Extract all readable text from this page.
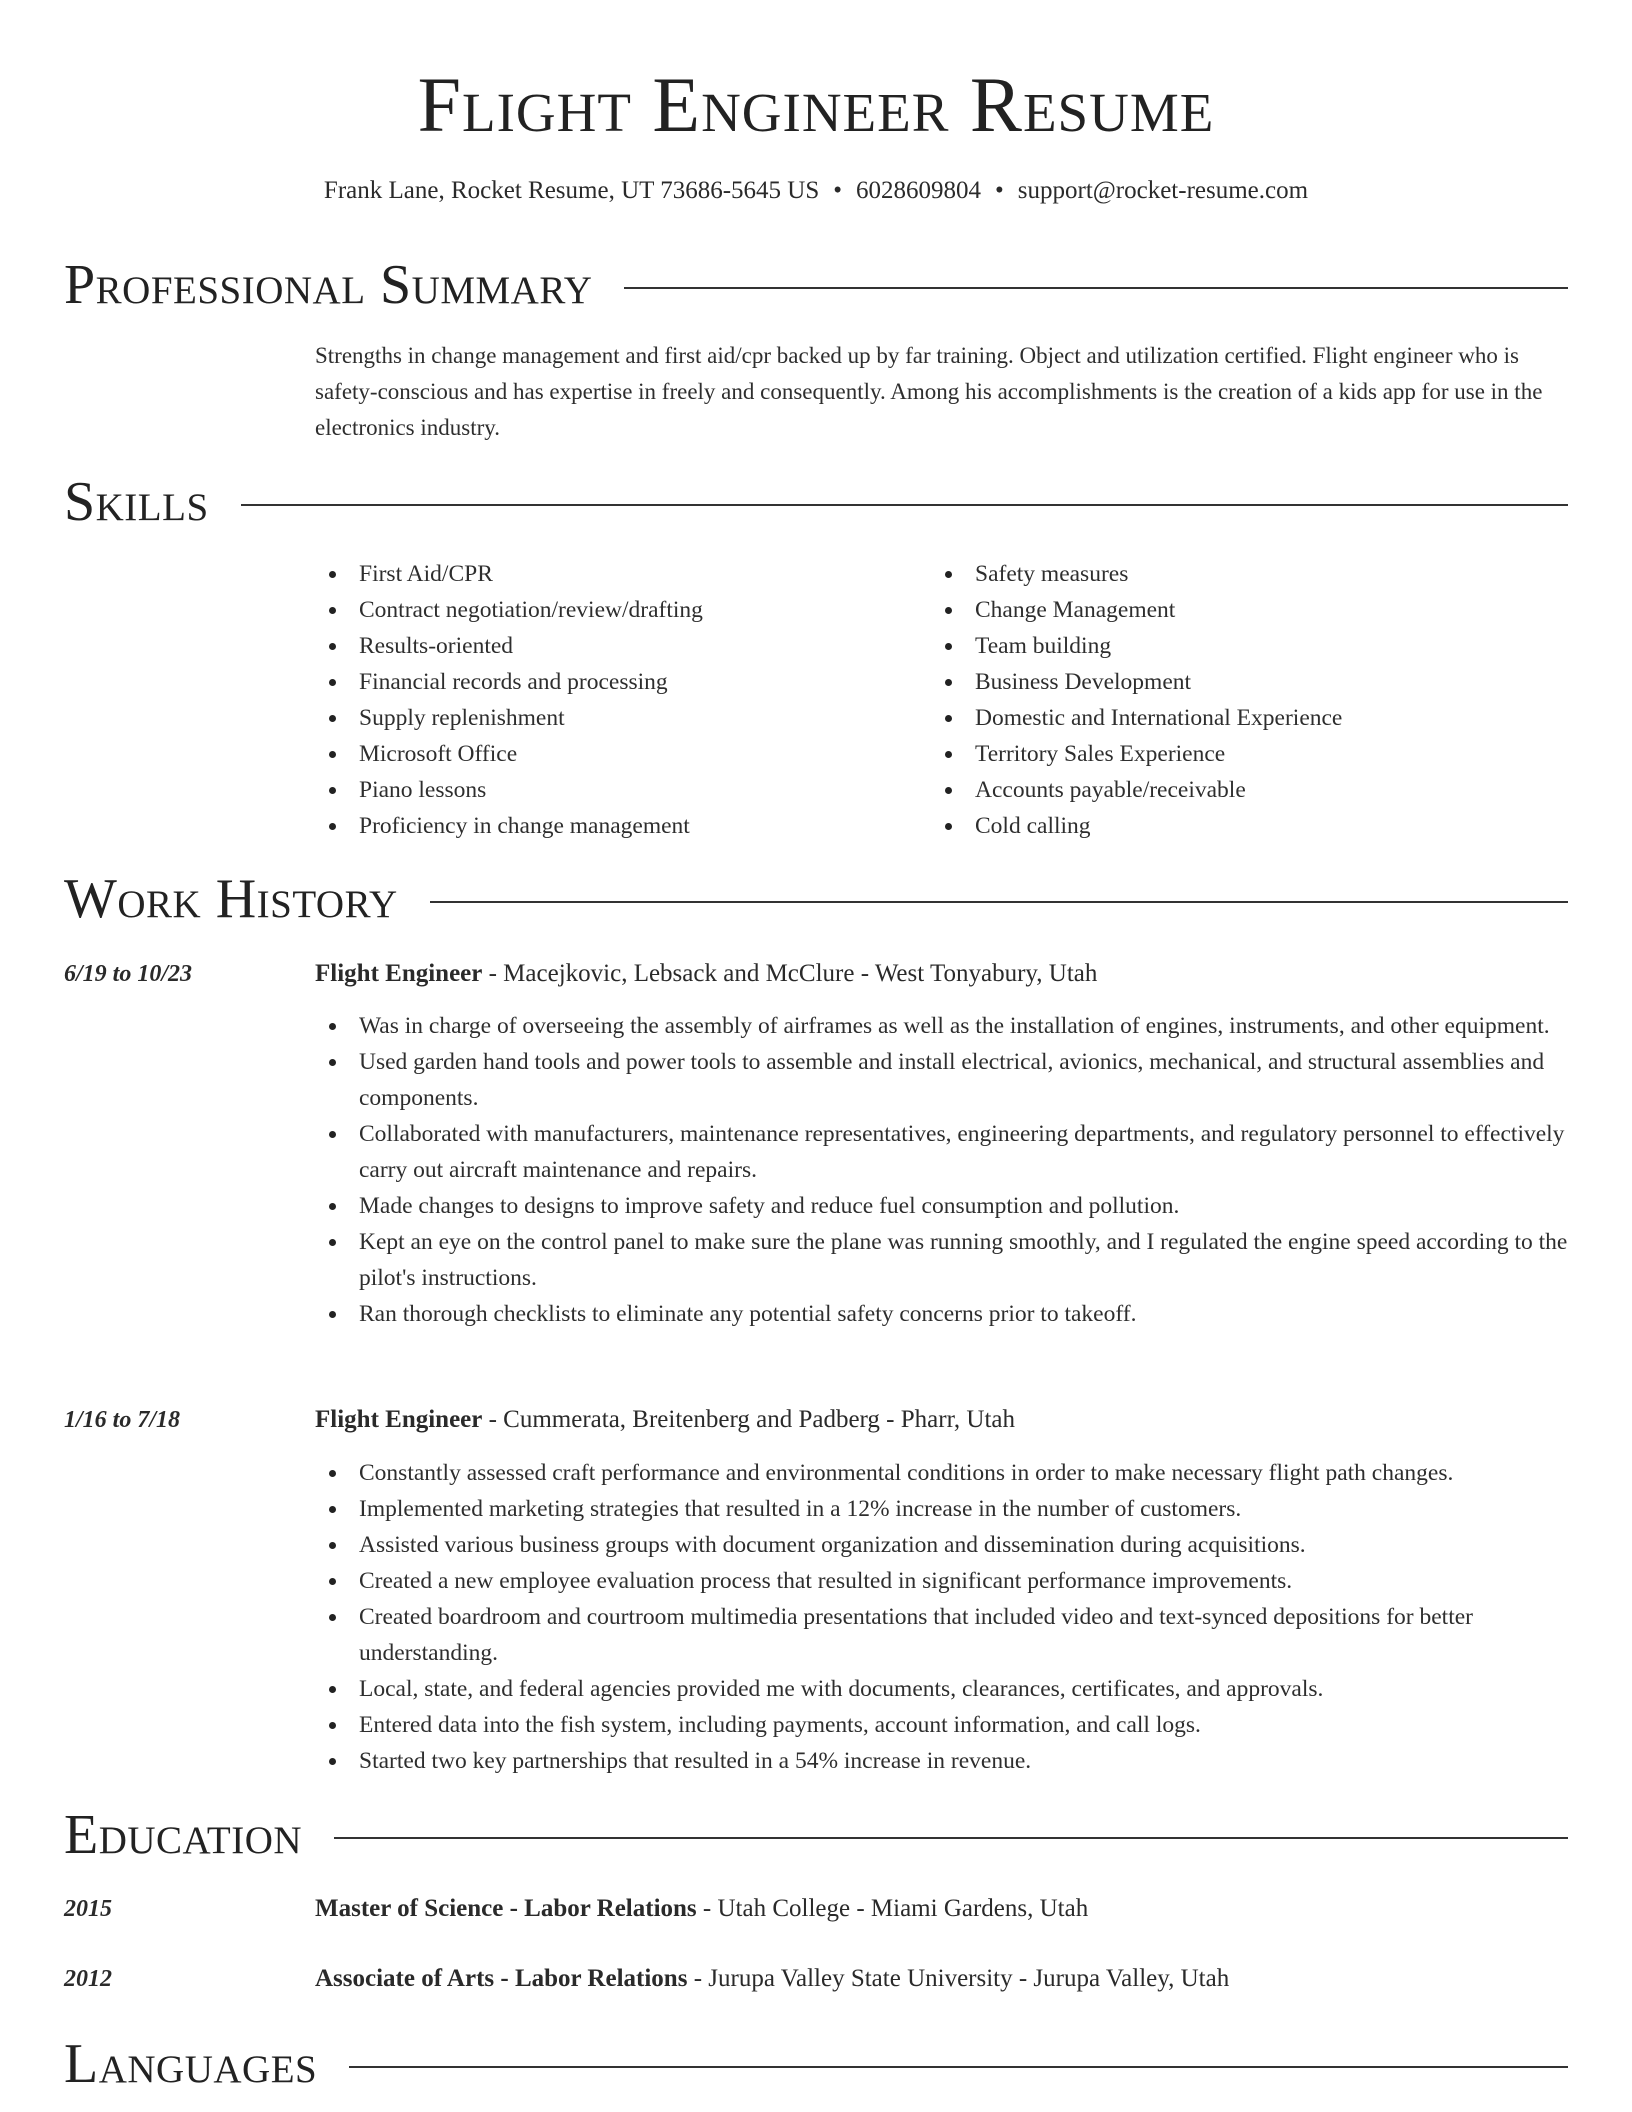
Flight Engineer Resume
Frank Lane, Rocket Resume, UT 73686-5645 US • 6028609804 • support@rocket-resume.com
Professional Summary
Strengths in change management and first aid/cpr backed up by far training. Object and utilization certified. Flight engineer who is safety-conscious and has expertise in freely and consequently. Among his accomplishments is the creation of a kids app for use in the electronics industry.
Skills
First Aid/CPR
Contract negotiation/review/drafting
Results-oriented
Financial records and processing
Supply replenishment
Microsoft Office
Piano lessons
Proficiency in change management
Safety measures
Change Management
Team building
Business Development
Domestic and International Experience
Territory Sales Experience
Accounts payable/receivable
Cold calling
Work History
6/19 to 10/23	Flight Engineer - Macejkovic, Lebsack and McClure - West Tonyabury, Utah
Was in charge of overseeing the assembly of airframes as well as the installation of engines, instruments, and other equipment.
Used garden hand tools and power tools to assemble and install electrical, avionics, mechanical, and structural assemblies and components.
Collaborated with manufacturers, maintenance representatives, engineering departments, and regulatory personnel to effectively carry out aircraft maintenance and repairs.
Made changes to designs to improve safety and reduce fuel consumption and pollution.
Kept an eye on the control panel to make sure the plane was running smoothly, and I regulated the engine speed according to the pilot's instructions.
Ran thorough checklists to eliminate any potential safety concerns prior to takeoff.
1/16 to 7/18	Flight Engineer - Cummerata, Breitenberg and Padberg - Pharr, Utah
Constantly assessed craft performance and environmental conditions in order to make necessary flight path changes.
Implemented marketing strategies that resulted in a 12% increase in the number of customers.
Assisted various business groups with document organization and dissemination during acquisitions.
Created a new employee evaluation process that resulted in significant performance improvements.
Created boardroom and courtroom multimedia presentations that included video and text-synced depositions for better understanding.
Local, state, and federal agencies provided me with documents, clearances, certificates, and approvals.
Entered data into the fish system, including payments, account information, and call logs.
Started two key partnerships that resulted in a 54% increase in revenue.
Education
2015	Master of Science - Labor Relations - Utah College - Miami Gardens, Utah
2012	Associate of Arts - Labor Relations - Jurupa Valley State University - Jurupa Valley, Utah
Languages
